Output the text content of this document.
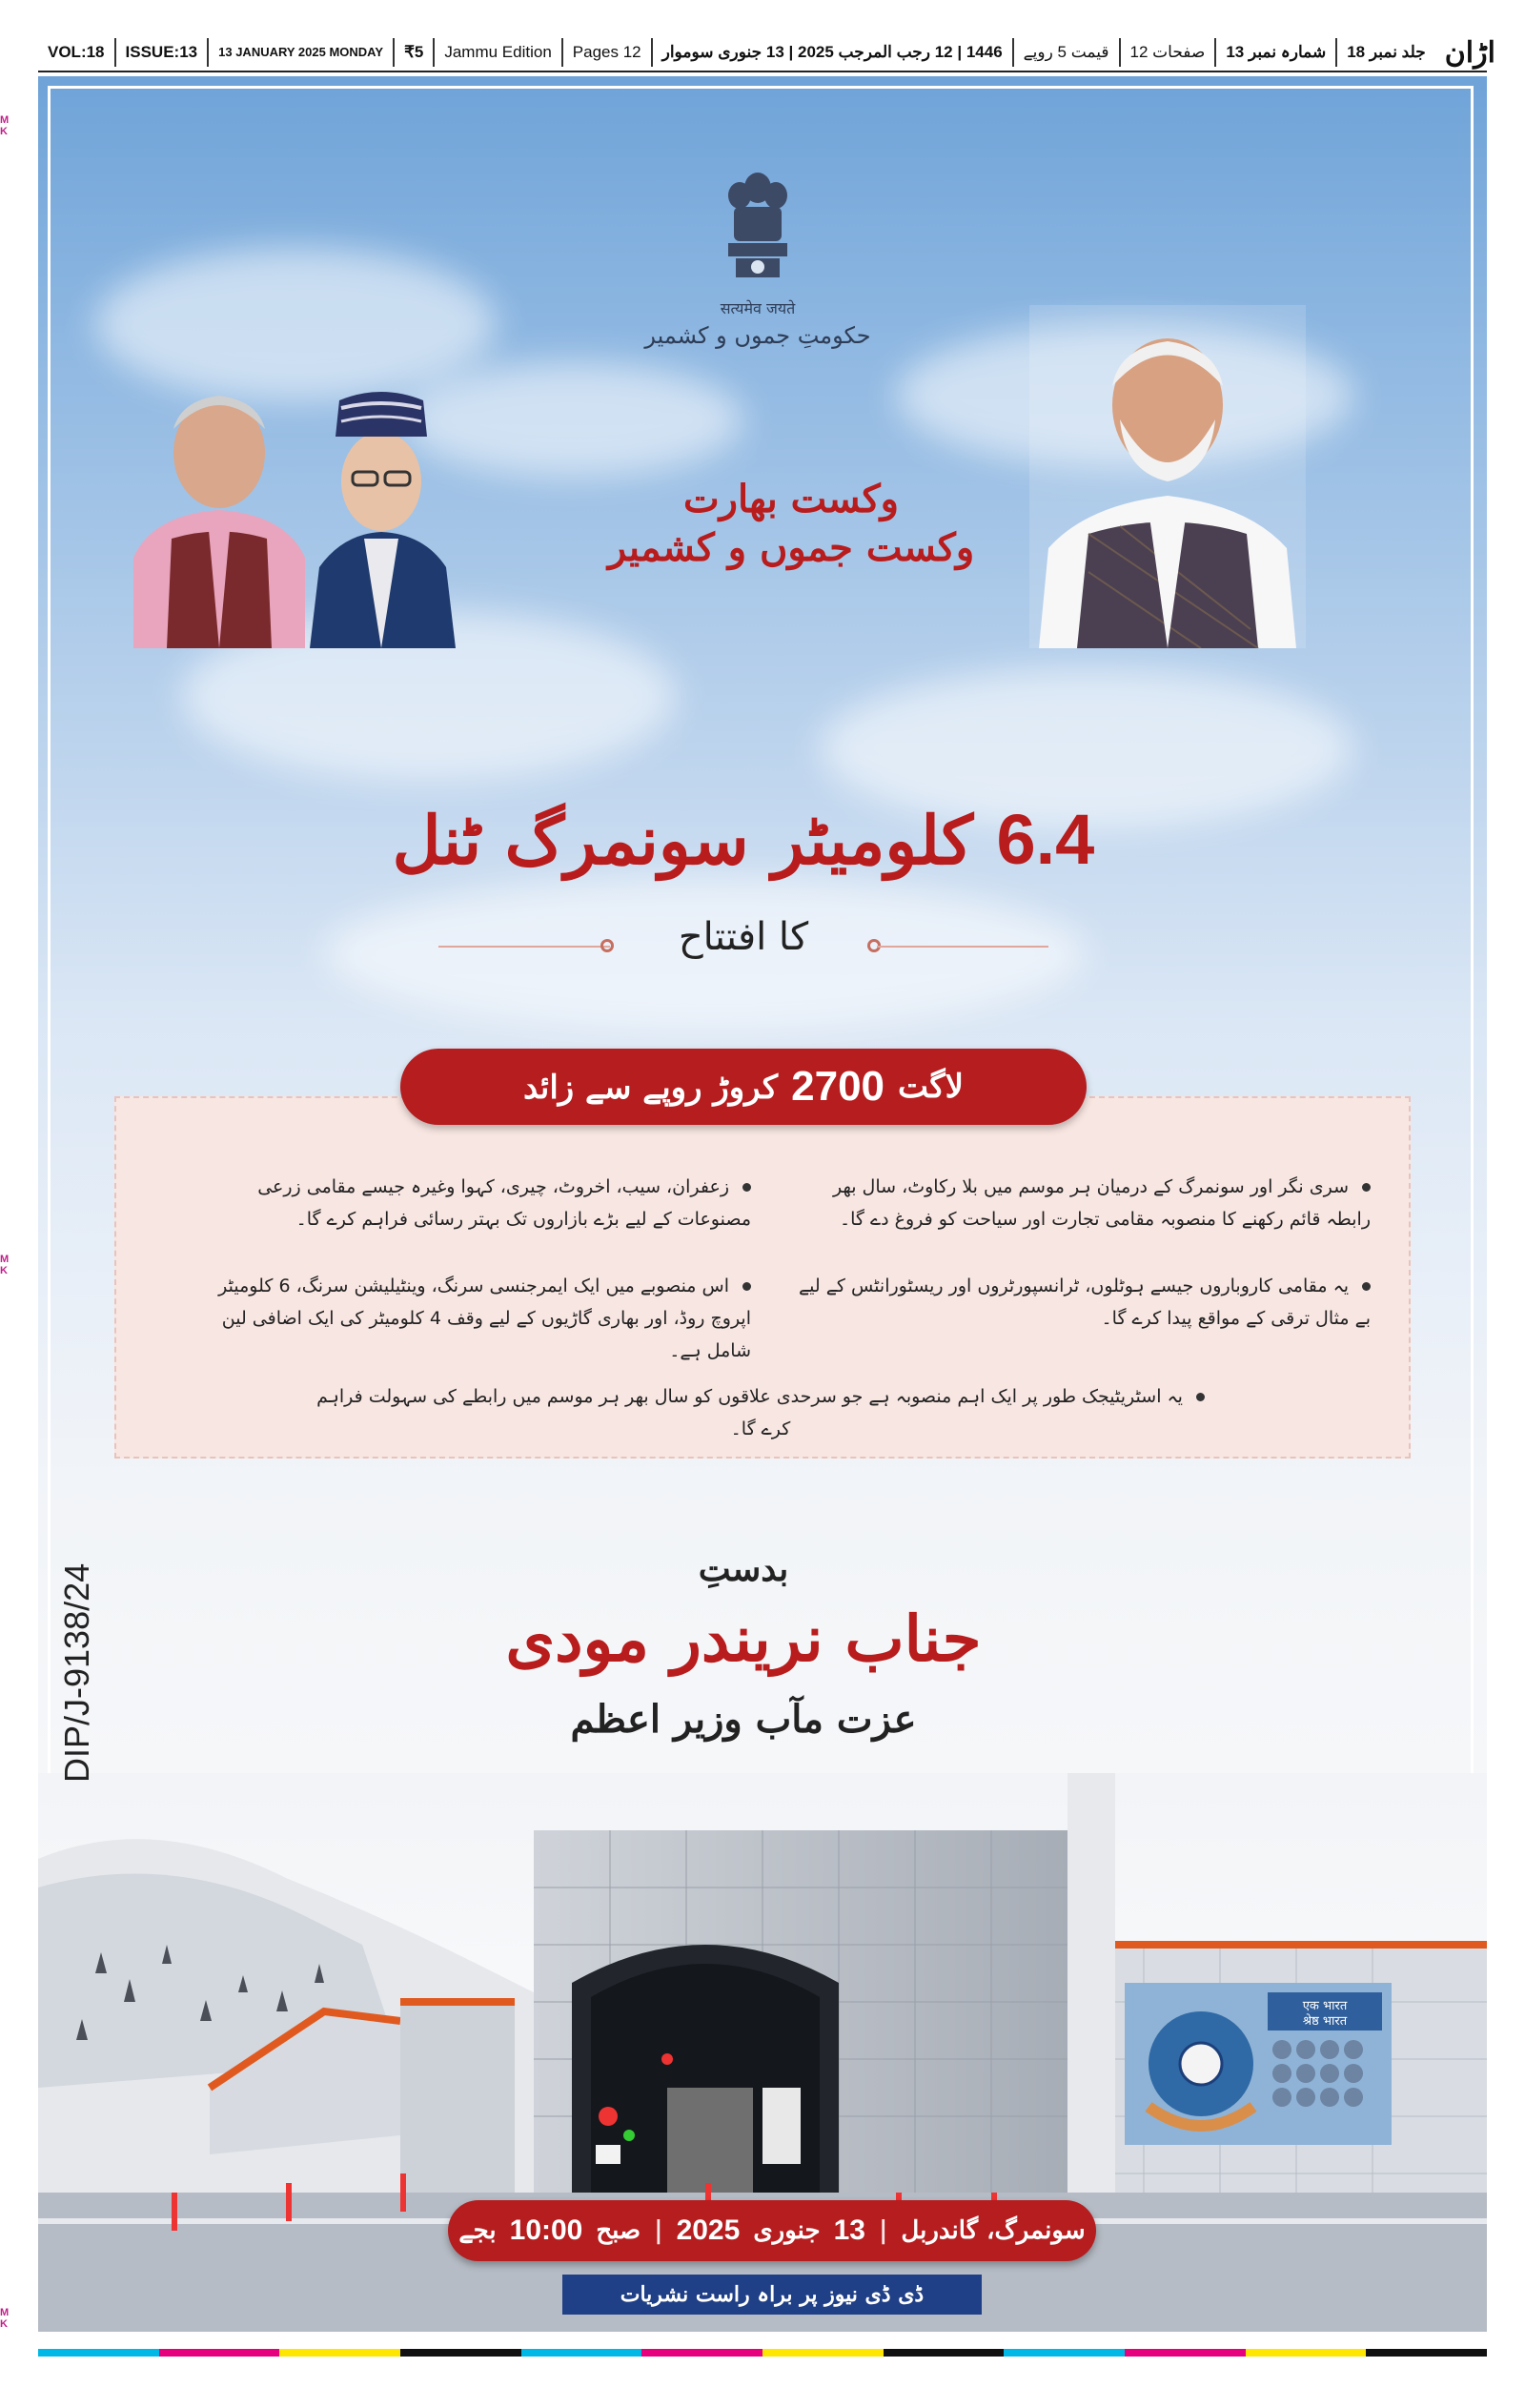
VOL:18	ISSUE:13	13 JANUARY 2025 MONDAY	₹5	Jammu Edition	Pages 12	1446 | 12 رجب المرجب 2025 | 13 جنوری سوموار	قیمت 5 روپے	صفحات 12	شمارہ نمبر 13	جلد نمبر 18 اڑان
M
K
M
K
M
K
सत्यमेव जयते
حکومتِ جموں و کشمیر
وکست بھارت
وکست جموں و کشمیر
6.4 کلومیٹر سونمرگ ٹنل
کا افتتاح
سری نگر اور سونمرگ کے درمیان ہر موسم میں بلا رکاوٹ، سال بھر رابطہ قائم رکھنے کا منصوبہ مقامی تجارت اور سیاحت کو فروغ دے گا۔
زعفران، سیب، اخروٹ، چیری، کہوا وغیرہ جیسے مقامی زرعی مصنوعات کے لیے بڑے بازاروں تک بہتر رسائی فراہم کرے گا۔
یہ مقامی کاروباروں جیسے ہوٹلوں، ٹرانسپورٹروں اور ریسٹورانٹس کے لیے بے مثال ترقی کے مواقع پیدا کرے گا۔
اس منصوبے میں ایک ایمرجنسی سرنگ، وینٹیلیشن سرنگ، 6 کلومیٹر اپروچ روڈ، اور بھاری گاڑیوں کے لیے وقف 4 کلومیٹر کی ایک اضافی لین شامل ہے۔
یہ اسٹریٹیجک طور پر ایک اہم منصوبہ ہے جو سرحدی علاقوں کو سال بھر ہر موسم میں رابطے کی سہولت فراہم کرے گا۔
لاگت
2700
کروڑ روپے سے زائد
بدستِ
جناب نریندر مودی
عزت مآب وزیر اعظم
एक भारत
श्रेष्ठ भारत
سونمرگ، گاندربل
|
13
جنوری
2025
|
صبح
10:00
بجے
ڈی ڈی نیوز پر براہ راست نشریات
DIP/J-9138/24
